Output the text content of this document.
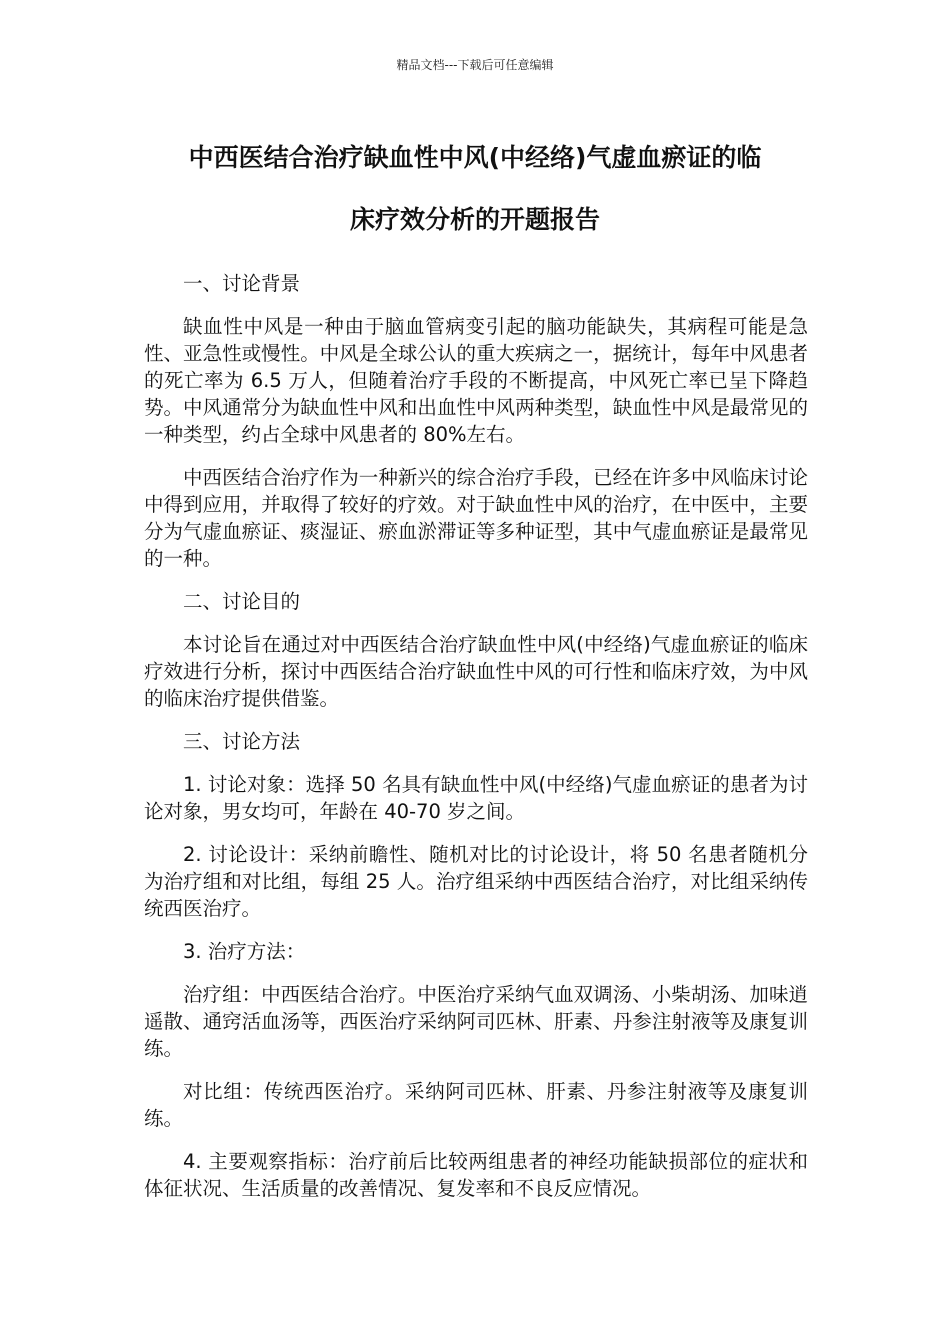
精品文档---下载后可任意编辑
中西医结合治疗缺血性中风(中经络)气虚血瘀证的临
床疗效分析的开题报告

一、讨论背景

缺血性中风是一种由于脑血管病变引起的脑功能缺失，其病程可能是急性、亚急性或慢性。中风是全球公认的重大疾病之一，据统计，每年中风患者的死亡率为 6.5 万人，但随着治疗手段的不断提高，中风死亡率已呈下降趋势。中风通常分为缺血性中风和出血性中风两种类型，缺血性中风是最常见的一种类型，约占全球中风患者的 80%左右。

中西医结合治疗作为一种新兴的综合治疗手段，已经在许多中风临床讨论中得到应用，并取得了较好的疗效。对于缺血性中风的治疗，在中医中，主要分为气虚血瘀证、痰湿证、瘀血淤滞证等多种证型，其中气虚血瘀证是最常见的一种。

二、讨论目的

本讨论旨在通过对中西医结合治疗缺血性中风(中经络)气虚血瘀证的临床疗效进行分析，探讨中西医结合治疗缺血性中风的可行性和临床疗效，为中风的临床治疗提供借鉴。

三、讨论方法

1. 讨论对象：选择 50 名具有缺血性中风(中经络)气虚血瘀证的患者为讨论对象，男女均可，年龄在 40-70 岁之间。

2. 讨论设计：采纳前瞻性、随机对比的讨论设计，将 50 名患者随机分为治疗组和对比组，每组 25 人。治疗组采纳中西医结合治疗，对比组采纳传统西医治疗。

3. 治疗方法：

治疗组：中西医结合治疗。中医治疗采纳气血双调汤、小柴胡汤、加味逍遥散、通窍活血汤等，西医治疗采纳阿司匹林、肝素、丹参注射液等及康复训练。

对比组：传统西医治疗。采纳阿司匹林、肝素、丹参注射液等及康复训练。

4. 主要观察指标：治疗前后比较两组患者的神经功能缺损部位的症状和体征状况、生活质量的改善情况、复发率和不良反应情况。
